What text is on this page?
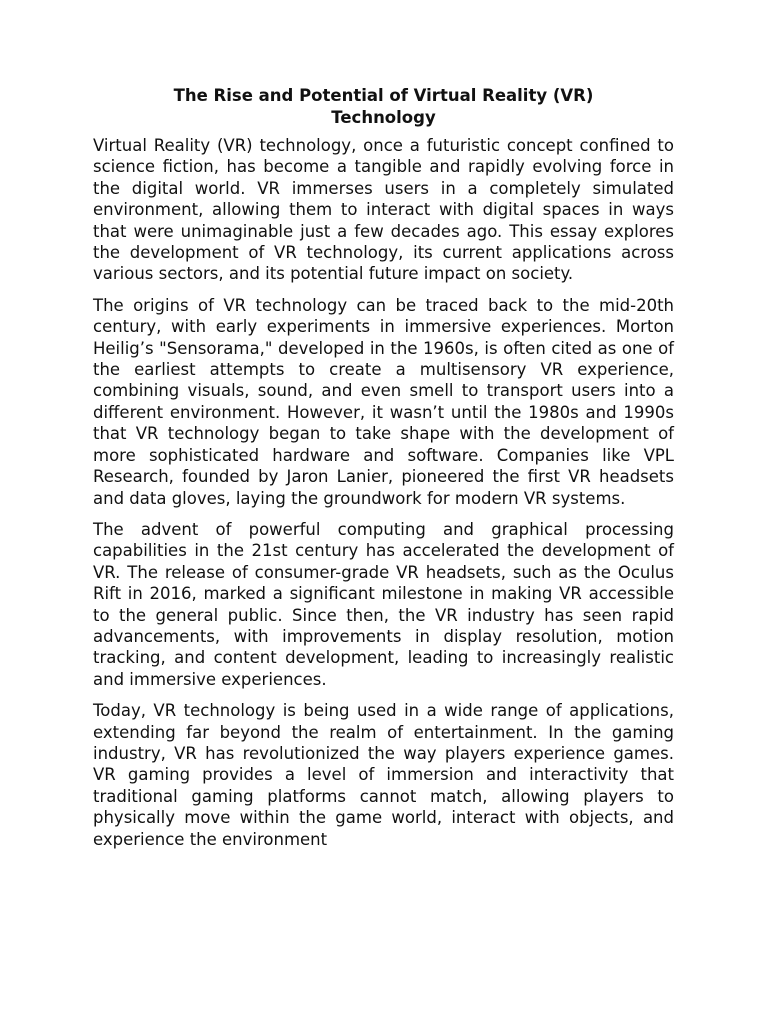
The Rise and Potential of Virtual Reality (VR)
Technology

Virtual Reality (VR) technology, once a futuristic concept confined to science fiction, has become a tangible and rapidly evolving force in the digital world. VR immerses users in a completely simulated environment, allowing them to interact with digital spaces in ways that were unimaginable just a few decades ago. This essay explores the development of VR technology, its current applications across various sectors, and its potential future impact on society.

The origins of VR technology can be traced back to the mid-20th century, with early experiments in immersive experiences. Morton Heilig’s "Sensorama," developed in the 1960s, is often cited as one of the earliest attempts to create a multisensory VR experience, combining visuals, sound, and even smell to transport users into a different environment. However, it wasn’t until the 1980s and 1990s that VR technology began to take shape with the development of more sophisticated hardware and software. Companies like VPL Research, founded by Jaron Lanier, pioneered the first VR headsets and data gloves, laying the groundwork for modern VR systems.

The advent of powerful computing and graphical processing capabilities in the 21st century has accelerated the development of VR. The release of consumer-grade VR headsets, such as the Oculus Rift in 2016, marked a significant milestone in making VR accessible to the general public. Since then, the VR industry has seen rapid advancements, with improvements in display resolution, motion tracking, and content development, leading to increasingly realistic and immersive experiences.

Today, VR technology is being used in a wide range of applications, extending far beyond the realm of entertainment. In the gaming industry, VR has revolutionized the way players experience games. VR gaming provides a level of immersion and interactivity that traditional gaming platforms cannot match, allowing players to physically move within the game world, interact with objects, and experience the environment
